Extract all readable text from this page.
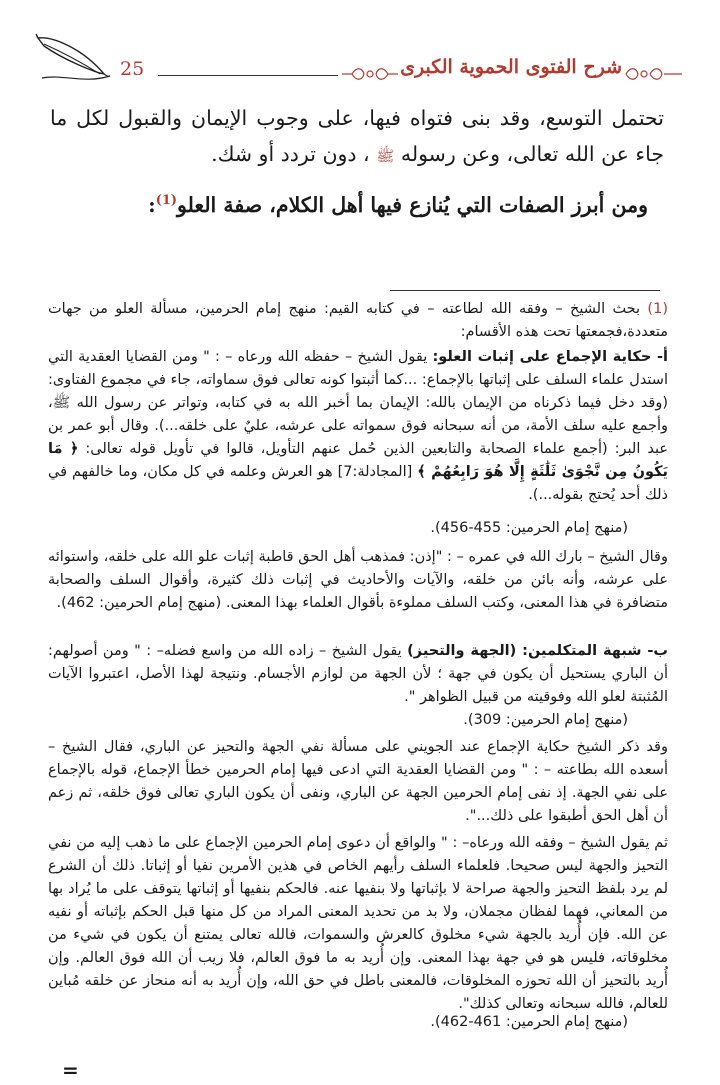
25	شرح الفتوى الحموية الكبرى

تحتمل التوسع، وقد بنى فتواه فيها، على وجوب الإيمان والقبول لكل ما جاء عن الله تعالى، وعن رسوله ﷺ ، دون تردد أو شك.

ومن أبرز الصفات التي يُنازع فيها أهل الكلام، صفة العلو$^{(1)}$:

(1) بحث الشيخ – وفقه الله لطاعته – في كتابه القيم: منهج إمام الحرمين، مسألة العلو من جهات متعددة،فجمعتها تحت هذه الأقسام:

أ- حكاية الإجماع على إثبات العلو: يقول الشيخ – حفظه الله ورعاه – : " ومن القضايا العقدية التي استدل علماء السلف على إثباتها بالإجماع: ...كما أثبتوا كونه تعالى فوق سماواته، جاء في مجموع الفتاوى: (وقد دخل فيما ذكرناه من الإيمان بالله: الإيمان بما أخبر الله به في كتابه، وتواتر عن رسول الله ﷺ، وأجمع عليه سلف الأمة، من أنه سبحانه فوق سمواته على عرشه، عليٌ على خلقه...). وقال أبو عمر بن عبد البر: (أجمع علماء الصحابة والتابعين الذين حُمل عنهم التأويل، قالوا في تأويل قوله تعالى: ﴿ مَا يَكُونُ مِن نَّجْوَىٰ ثَلَٰثَةٍ إِلَّا هُوَ رَابِعُهُمْ ﴾ [المجادلة:7] هو العرش وعلمه في كل مكان، وما خالفهم في ذلك أحد يُحتج بقوله...).

(منهج إمام الحرمين: 455-456).

وقال الشيخ – بارك الله في عمره – : "إذن: فمذهب أهل الحق قاطبة إثبات علو الله على خلقه، واستوائه على عرشه، وأنه بائن من خلقه، والآيات والأحاديث في إثبات ذلك كثيرة، وأقوال السلف والصحابة متضافرة في هذا المعنى، وكتب السلف مملوءة بأقوال العلماء بهذا المعنى. (منهج إمام الحرمين: 462).

ب- شبهة المتكلمين: (الجهة والتحيز) يقول الشيخ – زاده الله من واسع فضله– : " ومن أصولهم: أن الباري يستحيل أن يكون في جهة ؛ لأن الجهة من لوازم الأجسام. ونتيجة لهذا الأصل، اعتبروا الآيات المُثبتة لعلو الله وفوقيته من قبيل الظواهر ".

(منهج إمام الحرمين: 309).

وقد ذكر الشيخ حكاية الإجماع عند الجويني على مسألة نفي الجهة والتحيز عن الباري، فقال الشيخ – أسعده الله بطاعته – : " ومن القضايا العقدية التي ادعى فيها إمام الحرمين خطأ الإجماع، قوله بالإجماع على نفي الجهة. إذ نفى إمام الحرمين الجهة عن الباري، ونفى أن يكون الباري تعالى فوق خلقه، ثم زعم أن أهل الحق أطبقوا على ذلك...".

ثم يقول الشيخ – وفقه الله ورعاه– : " والواقع أن دعوى إمام الحرمين الإجماع على ما ذهب إليه من نفي التحيز والجهة ليس صحيحا. فلعلماء السلف رأيهم الخاص في هذين الأمرين نفيا أو إثباتا. ذلك أن الشرع لم يرد بلفظ التحيز والجهة صراحة لا بإثباتها ولا بنفيها عنه. فالحكم بنفيها أو إثباتها يتوقف على ما يُراد بها من المعاني، فهما لفظان مجملان، ولا بد من تحديد المعنى المراد من كل منها قبل الحكم بإثباته أو نفيه عن الله. فإن أُريد بالجهة شيء مخلوق كالعرش والسموات، فالله تعالى يمتنع أن يكون في شيء من مخلوقاته، فليس هو في جهة بهذا المعنى. وإن أُريد به ما فوق العالم، فلا ريب أن الله فوق العالم. وإن أُريد بالتحيز أن الله تحوزه المخلوقات، فالمعنى باطل في حق الله، وإن أُريد به أنه منحاز عن خلقه مُباين للعالم، فالله سبحانه وتعالى كذلك".

(منهج إمام الحرمين: 461-462).
=
